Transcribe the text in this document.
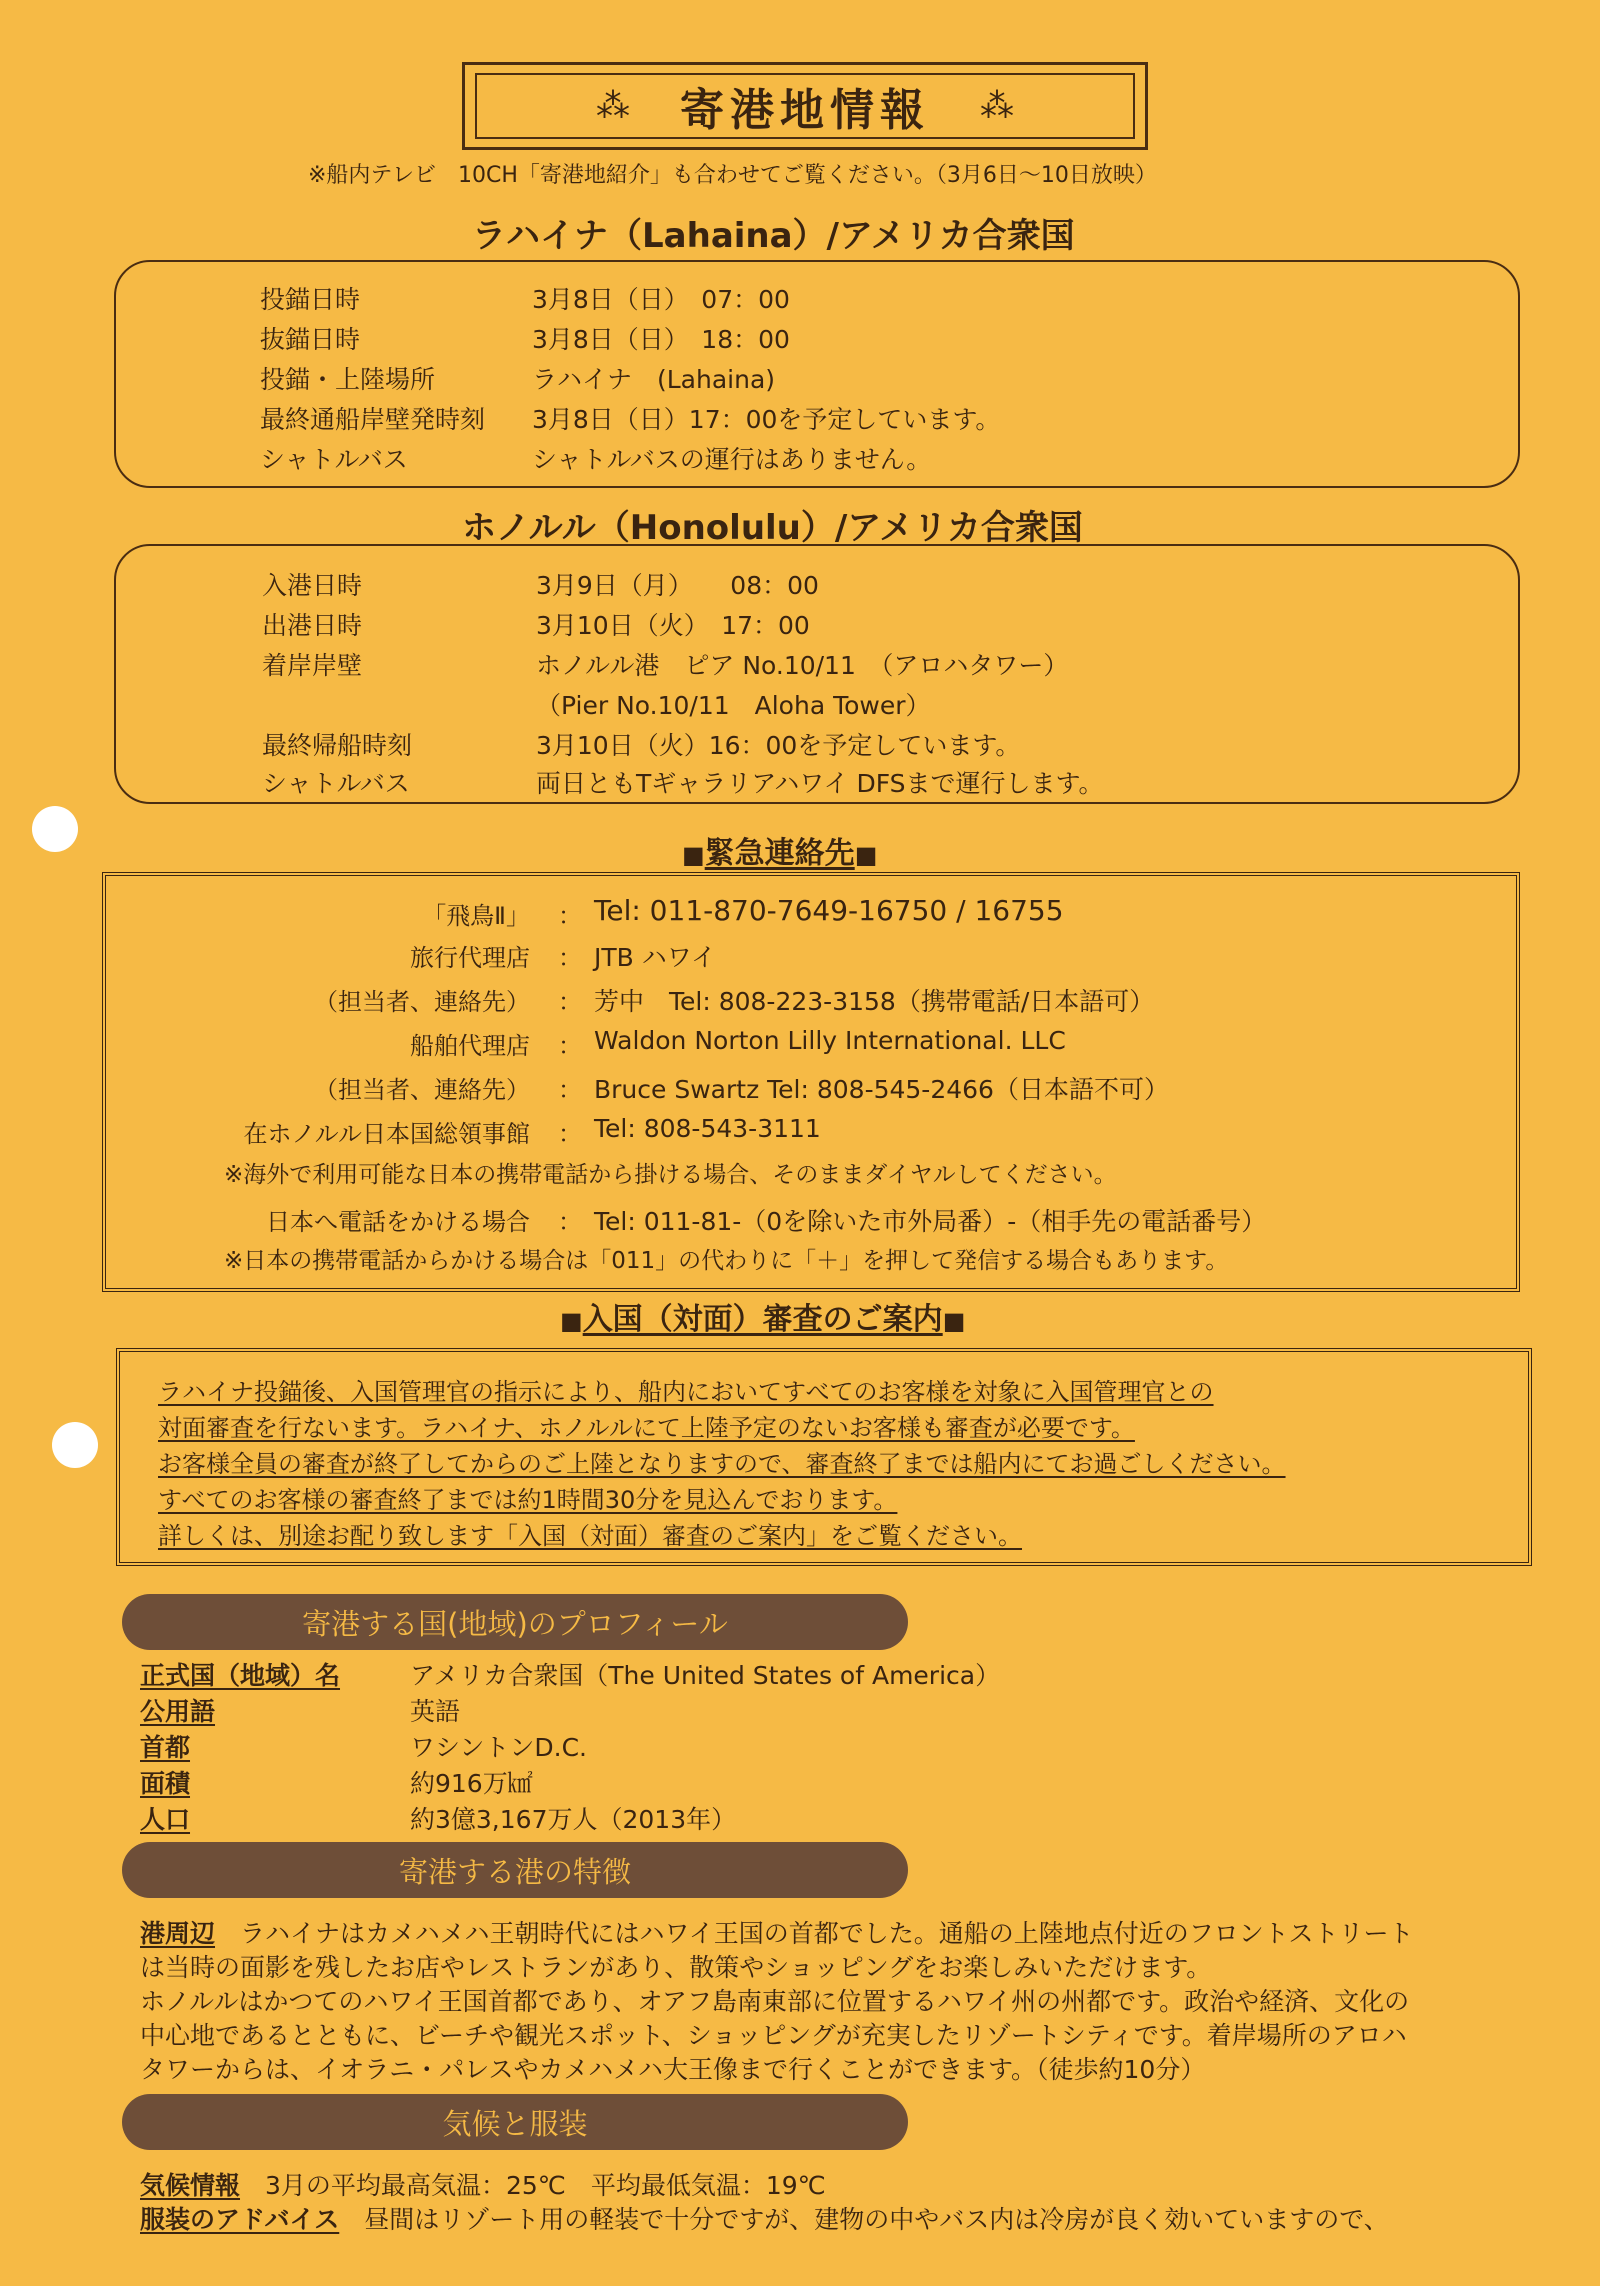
⁂ 寄港地情報 ⁂
※船内テレビ　10CH「寄港地紹介」も合わせてご覧ください。（3月6日〜10日放映）
ラハイナ（Lahaina）/アメリカ合衆国
投錨日時	3月8日（日）　07：00
抜錨日時	3月8日（日）　18：00
投錨・上陸場所	ラハイナ　(Lahaina)
最終通船岸壁発時刻 3月8日（日）17：00を予定しています。
シャトルバス	シャトルバスの運行はありません。
ホノルル（Honolulu）/アメリカ合衆国
入港日時	3月9日（月）　　08：00
出港日時	3月10日（火）　17：00
着岸岸壁	ホノルル港　ピア No.10/11　（アロハタワー）
（Pier No.10/11　Aloha Tower）
最終帰船時刻	3月10日（火）16：00を予定しています。
シャトルバス	両日ともTギャラリアハワイ DFSまで運行します。
■緊急連絡先■
「飛鳥Ⅱ」 ： Tel: 011-870-7649-16750 / 16755
旅行代理店 ： JTB ハワイ
（担当者、連絡先） ： 芳中　Tel: 808-223-3158（携帯電話/日本語可）
船舶代理店 ： Waldon Norton Lilly International. LLC
（担当者、連絡先） ： Bruce Swartz Tel: 808-545-2466（日本語不可）
在ホノルル日本国総領事館 ： Tel: 808-543-3111
※海外で利用可能な日本の携帯電話から掛ける場合、そのままダイヤルしてください。
日本へ電話をかける場合 ： Tel: 011-81-（0を除いた市外局番）-（相手先の電話番号）
※日本の携帯電話からかける場合は「011」の代わりに「＋」を押して発信する場合もあります。
■入国（対面）審査のご案内■
ラハイナ投錨後、入国管理官の指示により、船内においてすべてのお客様を対象に入国管理官との
対面審査を行ないます。ラハイナ、ホノルルにて上陸予定のないお客様も審査が必要です。
お客様全員の審査が終了してからのご上陸となりますので、審査終了までは船内にてお過ごしください。
すべてのお客様の審査終了までは約1時間30分を見込んでおります。
詳しくは、別途お配り致します「入国（対面）審査のご案内」をご覧ください。
寄港する国(地域)のプロフィール
正式国（地域）名	アメリカ合衆国（The United States of America）
公用語	英語
首都	ワシントンD.C.
面積	約916万㎢
人口	約3億3,167万人（2013年）
寄港する港の特徴
港周辺　 ラハイナはカメハメハ王朝時代にはハワイ王国の首都でした。通船の上陸地点付近のフロントストリート
は当時の面影を残したお店やレストランがあり、散策やショッピングをお楽しみいただけます。
ホノルルはかつてのハワイ王国首都であり、オアフ島南東部に位置するハワイ州の州都です。政治や経済、文化の
中心地であるとともに、ビーチや観光スポット、ショッピングが充実したリゾートシティです。着岸場所のアロハ
タワーからは、イオラニ・パレスやカメハメハ大王像まで行くことができます。（徒歩約10分）
気候と服装
気候情報　 3月の平均最高気温：25℃　平均最低気温：19℃
服装のアドバイス　 昼間はリゾート用の軽装で十分ですが、建物の中やバス内は冷房が良く効いていますので、
